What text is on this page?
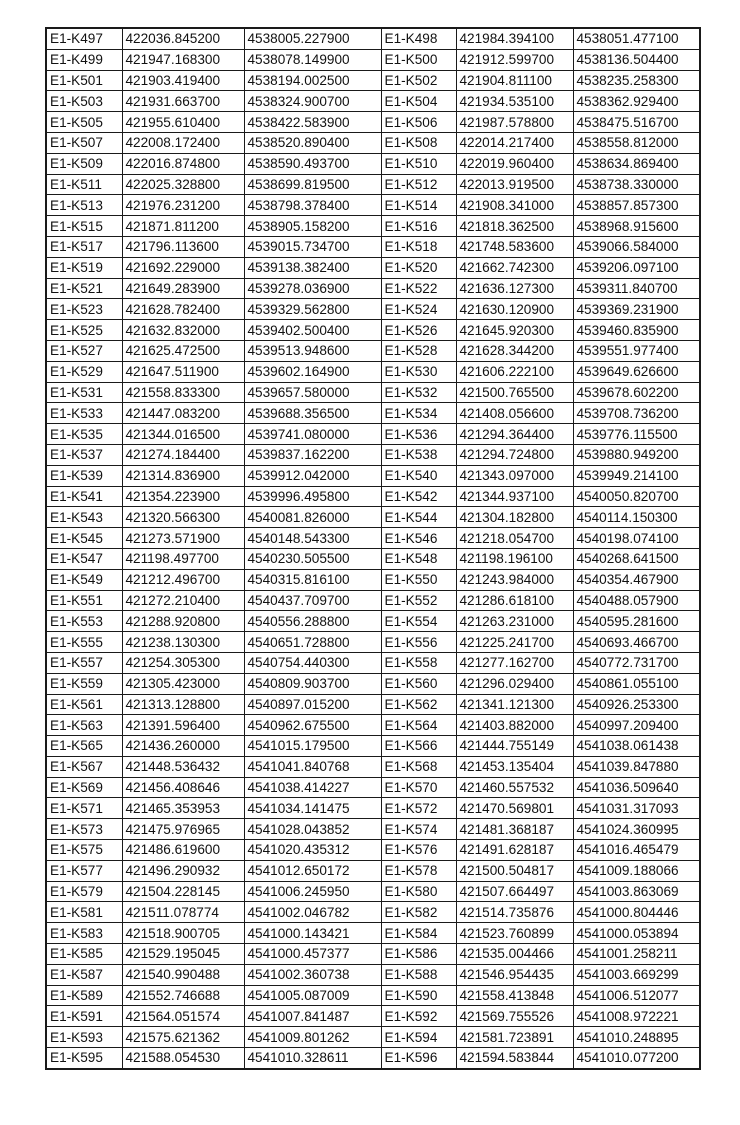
E1-K497	422036.845200	4538005.227900	E1-K498	421984.394100	4538051.477100
E1-K499	421947.168300	4538078.149900	E1-K500	421912.599700	4538136.504400
E1-K501	421903.419400	4538194.002500	E1-K502	421904.811100	4538235.258300
E1-K503	421931.663700	4538324.900700	E1-K504	421934.535100	4538362.929400
E1-K505	421955.610400	4538422.583900	E1-K506	421987.578800	4538475.516700
E1-K507	422008.172400	4538520.890400	E1-K508	422014.217400	4538558.812000
E1-K509	422016.874800	4538590.493700	E1-K510	422019.960400	4538634.869400
E1-K511	422025.328800	4538699.819500	E1-K512	422013.919500	4538738.330000
E1-K513	421976.231200	4538798.378400	E1-K514	421908.341000	4538857.857300
E1-K515	421871.811200	4538905.158200	E1-K516	421818.362500	4538968.915600
E1-K517	421796.113600	4539015.734700	E1-K518	421748.583600	4539066.584000
E1-K519	421692.229000	4539138.382400	E1-K520	421662.742300	4539206.097100
E1-K521	421649.283900	4539278.036900	E1-K522	421636.127300	4539311.840700
E1-K523	421628.782400	4539329.562800	E1-K524	421630.120900	4539369.231900
E1-K525	421632.832000	4539402.500400	E1-K526	421645.920300	4539460.835900
E1-K527	421625.472500	4539513.948600	E1-K528	421628.344200	4539551.977400
E1-K529	421647.511900	4539602.164900	E1-K530	421606.222100	4539649.626600
E1-K531	421558.833300	4539657.580000	E1-K532	421500.765500	4539678.602200
E1-K533	421447.083200	4539688.356500	E1-K534	421408.056600	4539708.736200
E1-K535	421344.016500	4539741.080000	E1-K536	421294.364400	4539776.115500
E1-K537	421274.184400	4539837.162200	E1-K538	421294.724800	4539880.949200
E1-K539	421314.836900	4539912.042000	E1-K540	421343.097000	4539949.214100
E1-K541	421354.223900	4539996.495800	E1-K542	421344.937100	4540050.820700
E1-K543	421320.566300	4540081.826000	E1-K544	421304.182800	4540114.150300
E1-K545	421273.571900	4540148.543300	E1-K546	421218.054700	4540198.074100
E1-K547	421198.497700	4540230.505500	E1-K548	421198.196100	4540268.641500
E1-K549	421212.496700	4540315.816100	E1-K550	421243.984000	4540354.467900
E1-K551	421272.210400	4540437.709700	E1-K552	421286.618100	4540488.057900
E1-K553	421288.920800	4540556.288800	E1-K554	421263.231000	4540595.281600
E1-K555	421238.130300	4540651.728800	E1-K556	421225.241700	4540693.466700
E1-K557	421254.305300	4540754.440300	E1-K558	421277.162700	4540772.731700
E1-K559	421305.423000	4540809.903700	E1-K560	421296.029400	4540861.055100
E1-K561	421313.128800	4540897.015200	E1-K562	421341.121300	4540926.253300
E1-K563	421391.596400	4540962.675500	E1-K564	421403.882000	4540997.209400
E1-K565	421436.260000	4541015.179500	E1-K566	421444.755149	4541038.061438
E1-K567	421448.536432	4541041.840768	E1-K568	421453.135404	4541039.847880
E1-K569	421456.408646	4541038.414227	E1-K570	421460.557532	4541036.509640
E1-K571	421465.353953	4541034.141475	E1-K572	421470.569801	4541031.317093
E1-K573	421475.976965	4541028.043852	E1-K574	421481.368187	4541024.360995
E1-K575	421486.619600	4541020.435312	E1-K576	421491.628187	4541016.465479
E1-K577	421496.290932	4541012.650172	E1-K578	421500.504817	4541009.188066
E1-K579	421504.228145	4541006.245950	E1-K580	421507.664497	4541003.863069
E1-K581	421511.078774	4541002.046782	E1-K582	421514.735876	4541000.804446
E1-K583	421518.900705	4541000.143421	E1-K584	421523.760899	4541000.053894
E1-K585	421529.195045	4541000.457377	E1-K586	421535.004466	4541001.258211
E1-K587	421540.990488	4541002.360738	E1-K588	421546.954435	4541003.669299
E1-K589	421552.746688	4541005.087009	E1-K590	421558.413848	4541006.512077
E1-K591	421564.051574	4541007.841487	E1-K592	421569.755526	4541008.972221
E1-K593	421575.621362	4541009.801262	E1-K594	421581.723891	4541010.248895
E1-K595	421588.054530	4541010.328611	E1-K596	421594.583844	4541010.077200
